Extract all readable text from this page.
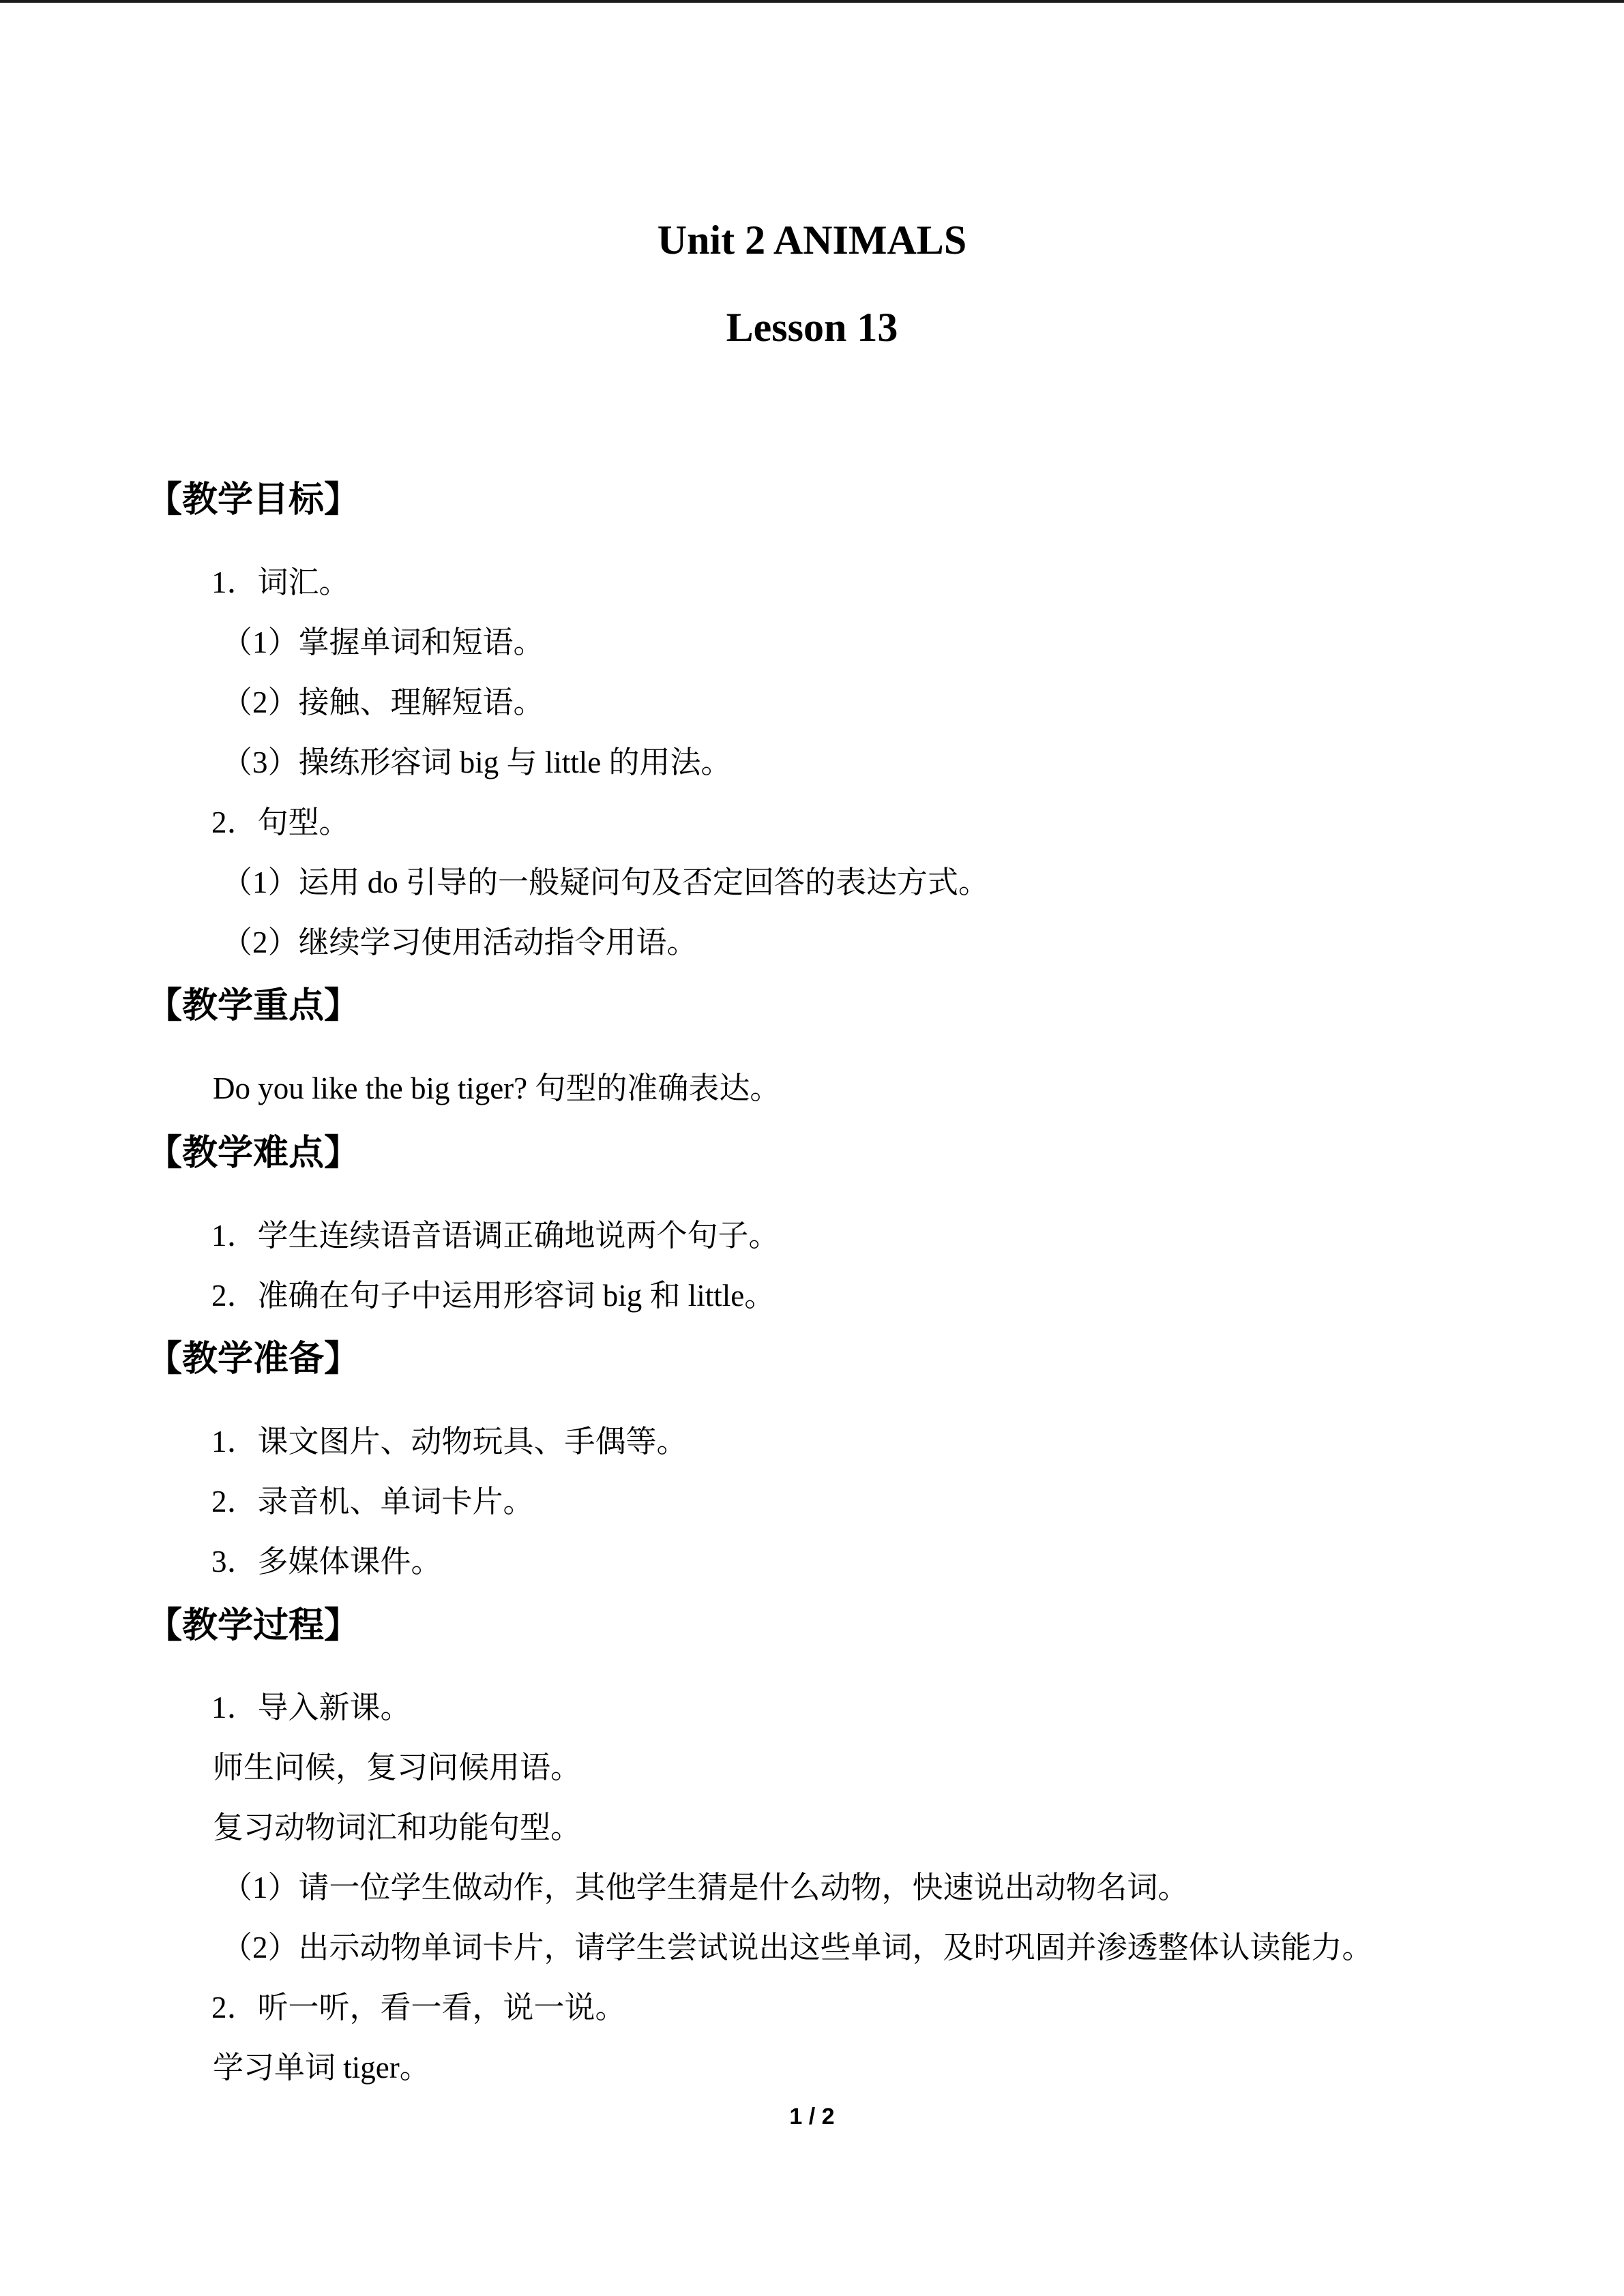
Unit 2 ANIMALS
Lesson 13
【教学目标】
1．词汇。
（1）掌握单词和短语。
（2）接触、理解短语。
（3）操练形容词 big 与 little 的用法。
2．句型。
（1）运用 do 引导的一般疑问句及否定回答的表达方式。
（2）继续学习使用活动指令用语。
【教学重点】
Do you like the big tiger? 句型的准确表达。
【教学难点】
1．学生连续语音语调正确地说两个句子。
2．准确在句子中运用形容词 big 和 little。
【教学准备】
1．课文图片、动物玩具、手偶等。
2．录音机、单词卡片。
3．多媒体课件。
【教学过程】
1．导入新课。
师生问候，复习问候用语。
复习动物词汇和功能句型。
（1）请一位学生做动作，其他学生猜是什么动物，快速说出动物名词。
（2）出示动物单词卡片，请学生尝试说出这些单词，及时巩固并渗透整体认读能力。
2．听一听，看一看，说一说。
学习单词 tiger。
1 / 2
